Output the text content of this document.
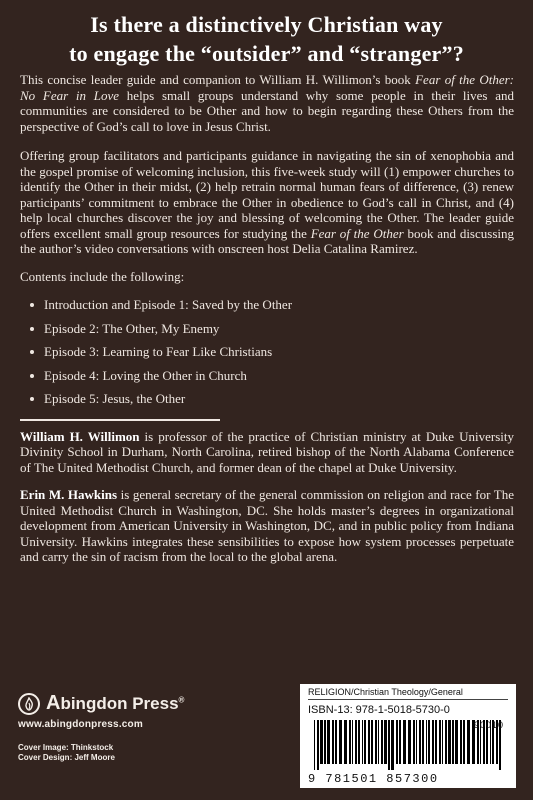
Is there a distinctively Christian way
to engage the “outsider” and “stranger”?

This concise leader guide and companion to William H. Willimon’s book Fear of the Other: No Fear in Love helps small groups understand why some people in their lives and communities are considered to be Other and how to begin regarding these Others from the perspective of God’s call to love in Jesus Christ.

Offering group facilitators and participants guidance in navigating the sin of xenophobia and the gospel promise of welcoming inclusion, this five-week study will (1) empower churches to identify the Other in their midst, (2) help retrain normal human fears of difference, (3) renew participants’ commitment to embrace the Other in obedience to God’s call in Christ, and (4) help local churches discover the joy and blessing of welcoming the Other. The leader guide offers excellent small group resources for studying the Fear of the Other book and discussing the author’s video conversations with onscreen host Delia Catalina Ramirez.

Contents include the following:

Introduction and Episode 1: Saved by the Other
Episode 2: The Other, My Enemy
Episode 3: Learning to Fear Like Christians
Episode 4: Loving the Other in Church
Episode 5: Jesus, the Other

William H. Willimon is professor of the practice of Christian ministry at Duke University Divinity School in Durham, North Carolina, retired bishop of the North Alabama Conference of The United Methodist Church, and former dean of the chapel at Duke University.

Erin M. Hawkins is general secretary of the general commission on religion and race for The United Methodist Church in Washington, DC. She holds master’s degrees in organizational development from American University in Washington, DC, and in public policy from Indiana University. Hawkins integrates these sensibilities to expose how system processes perpetuate and carry the sin of racism from the local to the global arena.

Abingdon Press®
www.abingdonpress.com
Cover Image: Thinkstock
Cover Design: Jeff Moore
RELIGION/Christian Theology/General
ISBN-13: 978-1-5018-5730-0
90010
9 781501 857300
